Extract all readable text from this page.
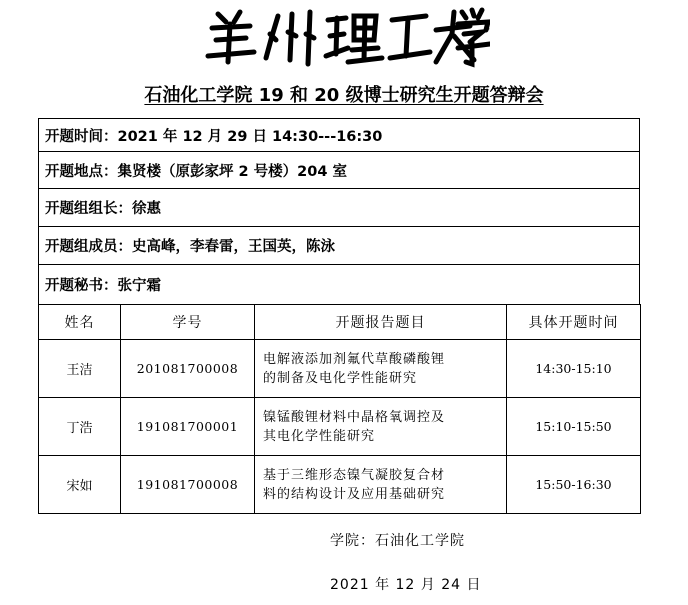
石油化工学院 19 和 20 级博士研究生开题答辩会
开题时间： 2021 年 12 月 29 日 14:30---16:30
开题地点： 集贤楼（原彭家坪 2 号楼）204 室
开题组组长： 徐惠
开题组成员： 史高峰，李春雷，王国英，陈泳
开题秘书： 张宁霜
姓名	学号	开题报告题目	具体开题时间
王洁	201081700008	电解液添加剂氟代草酸磷酸锂
的制备及电化学性能研究	14:30-15:10
丁浩	191081700001	镍锰酸锂材料中晶格氧调控及
其电化学性能研究	15:10-15:50
宋如	191081700008	基于三维形态镍气凝胶复合材
料的结构设计及应用基础研究	15:50-16:30
学院：石油化工学院
2021 年 12 月 24 日
